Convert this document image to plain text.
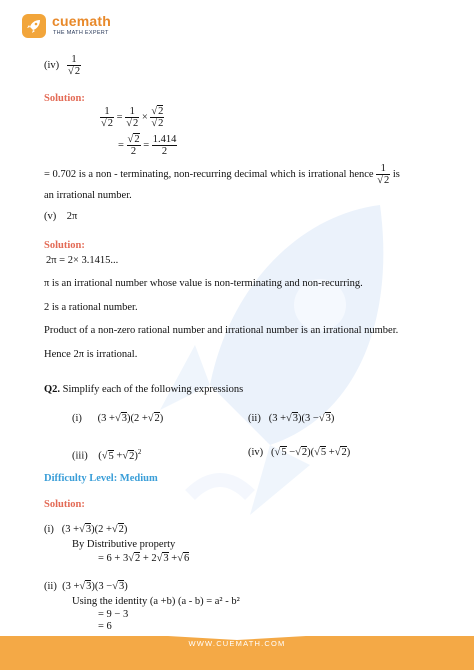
cuemath
THE MATH EXPERT
$(iv) \frac{1}{√2}$
Solution:
$\frac{1}{√2} = \frac{1}{√2} \times \frac{√2}{√2}$
= $\frac{√2}{2} = \frac{1.414}{2}$
= 0.702 is a non - terminating, non-recurring decimal which is irrational hence $\frac{1}{√2}$ is
an irrational number.
(v) 2π
Solution:
2π = 2× 3.1415...
π is an irrational number whose value is non-terminating and non-recurring.
2 is a rational number.
Product of a non-zero rational number and irrational number is an irrational number.
Hence 2π is irrational.
Q2. Simplify each of the following expressions
(i) (3 +√3)(2 +√2)	(ii) (3 +√3)(3 −√3)
(iii) $(√5 +√2)^2$	(iv) (√5 −√2)(√5 +√2)
Difficulty Level: Medium
Solution:
(i) (3 +√3)(2 +√2)
By Distributive property
= 6 + 3√2 + 2√3 +√6
(ii) (3 +√3)(3 −√3)
Using the identity (a +b) (a - b) = a² - b²
= 9 − 3
= 6
WWW.CUEMATH.COM
